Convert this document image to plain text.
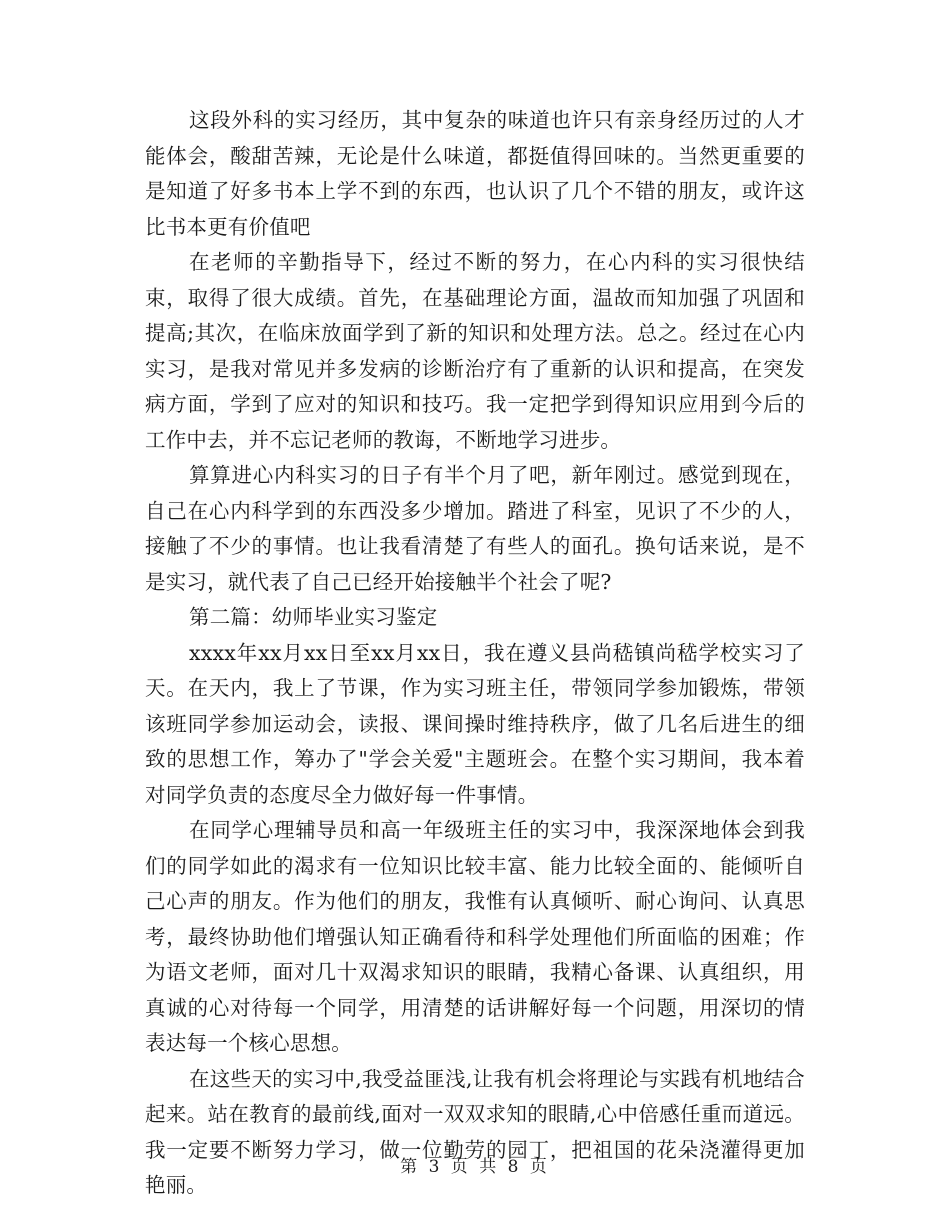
这段外科的实习经历，其中复杂的味道也许只有亲身经历过的人才能体会，酸甜苦辣，无论是什么味道，都挺值得回味的。当然更重要的是知道了好多书本上学不到的东西，也认识了几个不错的朋友，或许这比书本更有价值吧

在老师的辛勤指导下，经过不断的努力，在心内科的实习很快结束，取得了很大成绩。首先，在基础理论方面，温故而知加强了巩固和提高;其次，在临床放面学到了新的知识和处理方法。总之。经过在心内实习，是我对常见并多发病的诊断治疗有了重新的认识和提高，在突发病方面，学到了应对的知识和技巧。我一定把学到得知识应用到今后的工作中去，并不忘记老师的教诲，不断地学习进步。

算算进心内科实习的日子有半个月了吧，新年刚过。感觉到现在，自己在心内科学到的东西没多少增加。踏进了科室，见识了不少的人，接触了不少的事情。也让我看清楚了有些人的面孔。换句话来说，是不是实习，就代表了自己已经开始接触半个社会了呢?

第二篇：幼师毕业实习鉴定

xxxx年xx月xx日至xx月xx日，我在遵义县尚嵇镇尚嵇学校实习了天。在天内，我上了节课，作为实习班主任，带领同学参加锻炼，带领该班同学参加运动会，读报、课间操时维持秩序，做了几名后进生的细致的思想工作，筹办了"学会关爱"主题班会。在整个实习期间，我本着对同学负责的态度尽全力做好每一件事情。

在同学心理辅导员和高一年级班主任的实习中，我深深地体会到我们的同学如此的渴求有一位知识比较丰富、能力比较全面的、能倾听自己心声的朋友。作为他们的朋友，我惟有认真倾听、耐心询问、认真思考，最终协助他们增强认知正确看待和科学处理他们所面临的困难；作为语文老师，面对几十双渴求知识的眼睛，我精心备课、认真组织，用真诚的心对待每一个同学，用清楚的话讲解好每一个问题，用深切的情表达每一个核心思想。

在这些天的实习中,我受益匪浅,让我有机会将理论与实践有机地结合起来。站在教育的最前线,面对一双双求知的眼睛,心中倍感任重而道远。我一定要不断努力学习，做一位勤劳的园丁，把祖国的花朵浇灌得更加艳丽。

第 3 页 共 8 页
